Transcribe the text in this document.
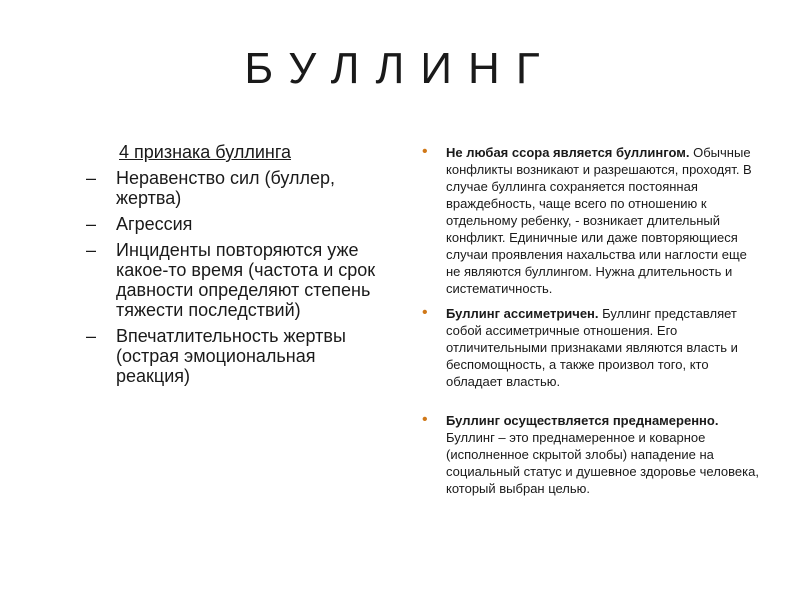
БУЛЛИНГ
4 признака буллинга
– Неравенство сил (буллер, жертва)
– Агрессия
– Инциденты повторяются уже какое-то время (частота и срок давности определяют степень тяжести последствий)
– Впечатлительность жертвы (острая эмоциональная реакция)
• Не любая ссора является буллингом. Обычные конфликты возникают и разрешаются, проходят. В случае буллинга сохраняется постоянная враждебность, чаще всего по отношению к отдельному ребенку, - возникает длительный конфликт. Единичные или даже повторяющиеся случаи проявления нахальства или наглости еще не являются буллингом. Нужна длительность и систематичность.
• Буллинг ассиметричен. Буллинг представляет собой ассиметричные отношения. Его отличительными признаками являются власть и беспомощность, а также произвол того, кто обладает властью.
• Буллинг осуществляется преднамеренно. Буллинг – это преднамеренное и коварное (исполненное скрытой злобы) нападение на социальный статус и душевное здоровье человека, который выбран целью.
